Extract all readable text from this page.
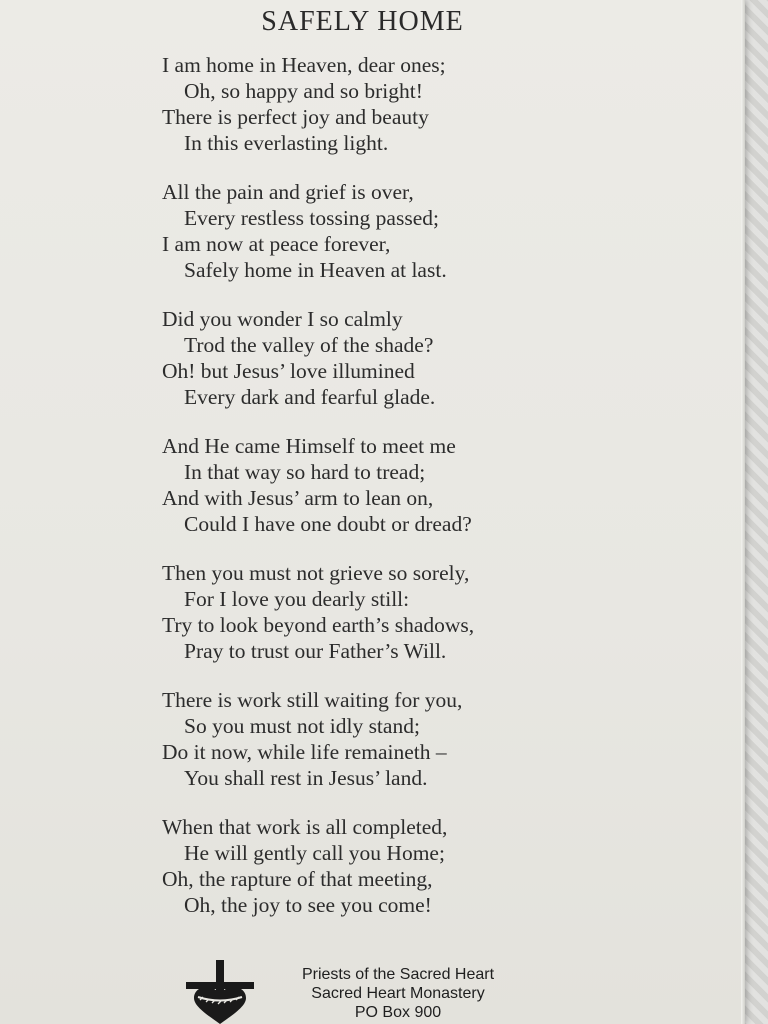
SAFELY HOME
I am home in Heaven, dear ones;
Oh, so happy and so bright!
There is perfect joy and beauty
In this everlasting light.
All the pain and grief is over,
Every restless tossing passed;
I am now at peace forever,
Safely home in Heaven at last.
Did you wonder I so calmly
Trod the valley of the shade?
Oh! but Jesus’ love illumined
Every dark and fearful glade.
And He came Himself to meet me
In that way so hard to tread;
And with Jesus’ arm to lean on,
Could I have one doubt or dread?
Then you must not grieve so sorely,
For I love you dearly still:
Try to look beyond earth’s shadows,
Pray to trust our Father’s Will.
There is work still waiting for you,
So you must not idly stand;
Do it now, while life remaineth –
You shall rest in Jesus’ land.
When that work is all completed,
He will gently call you Home;
Oh, the rapture of that meeting,
Oh, the joy to see you come!
Priests of the Sacred Heart
Sacred Heart Monastery
PO Box 900
